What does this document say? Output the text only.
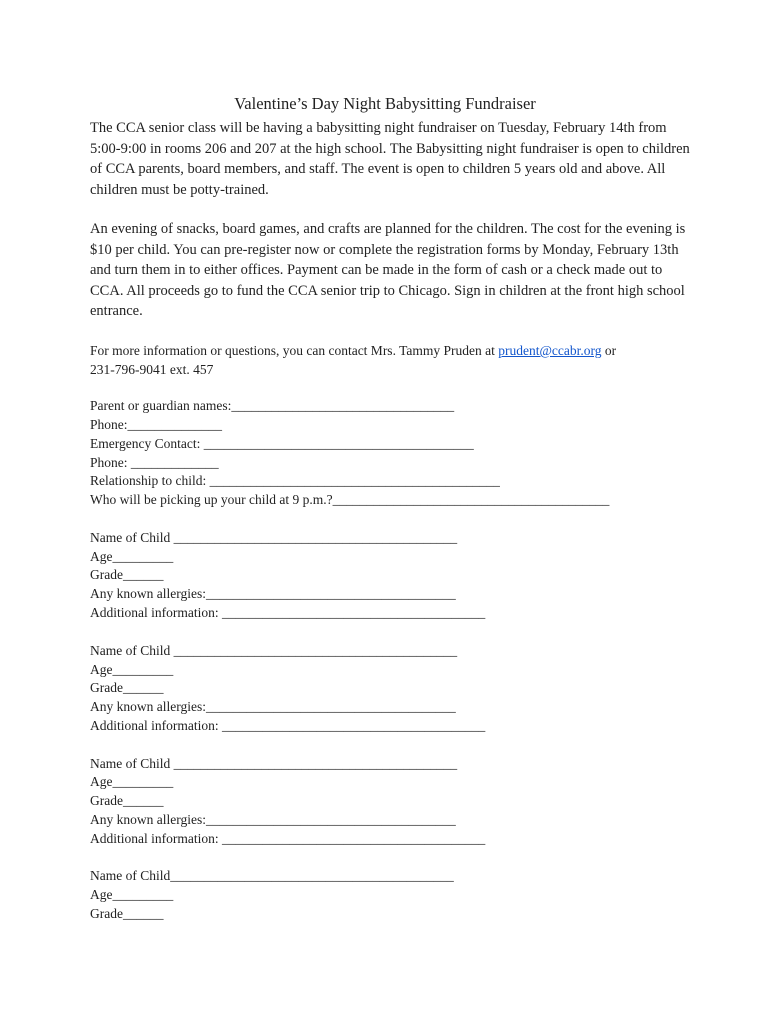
Valentine’s Day Night Babysitting Fundraiser

The CCA senior class will be having a babysitting night fundraiser on Tuesday, February 14th from 5:00-9:00 in rooms 206 and 207 at the high school. The Babysitting night fundraiser is open to children of CCA parents, board members, and staff. The event is open to children 5 years old and above. All children must be potty-trained.

An evening of snacks, board games, and crafts are planned for the children. The cost for the evening is $10 per child. You can pre-register now or complete the registration forms by Monday, February 13th and turn them in to either offices. Payment can be made in the form of cash or a check made out to CCA. All proceeds go to fund the CCA senior trip to Chicago. Sign in children at the front high school entrance.

For more information or questions, you can contact Mrs. Tammy Pruden at prudent@ccabr.org or
231-796-9041 ext. 457

Parent or guardian names:_________________________________
Phone:______________
Emergency Contact: ________________________________________
Phone: _____________
Relationship to child: ___________________________________________
Who will be picking up your child at 9 p.m.?_________________________________________
Name of Child __________________________________________
Age_________
Grade______
Any known allergies:_____________________________________
Additional information: _______________________________________
Name of Child __________________________________________
Age_________
Grade______
Any known allergies:_____________________________________
Additional information: _______________________________________
Name of Child __________________________________________
Age_________
Grade______
Any known allergies:_____________________________________
Additional information: _______________________________________
Name of Child__________________________________________
Age_________
Grade______
